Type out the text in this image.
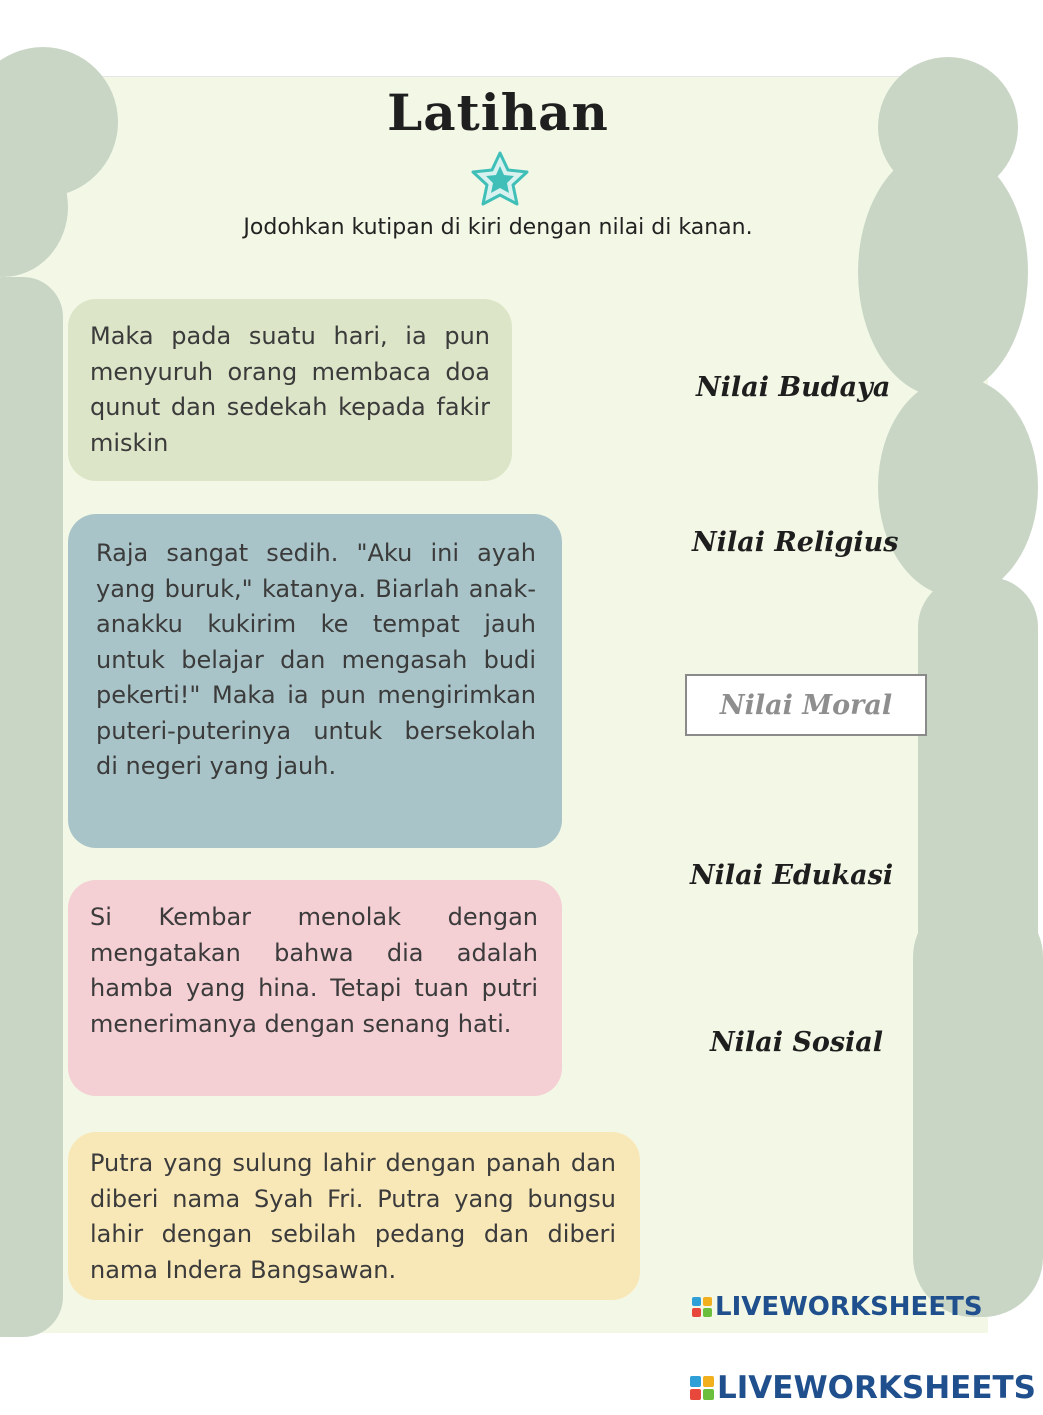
Latihan
Jodohkan kutipan di kiri dengan nilai di kanan.

Maka pada suatu hari, ia pun menyuruh orang membaca doa qunut dan sedekah kepada fakir miskin

Raja sangat sedih. "Aku ini ayah yang buruk," katanya. Biarlah anak-anakku kukirim ke tempat jauh untuk belajar dan mengasah budi pekerti!" Maka ia pun mengirimkan puteri-puterinya untuk bersekolah di negeri yang jauh.

Si Kembar menolak dengan mengatakan bahwa dia adalah hamba yang hina. Tetapi tuan putri menerimanya dengan senang hati.

Putra yang sulung lahir dengan panah dan diberi nama Syah Fri. Putra yang bungsu lahir dengan sebilah pedang dan diberi nama Indera Bangsawan.

Nilai Budaya
Nilai Religius
Nilai Moral
Nilai Edukasi
Nilai Sosial
LIVEWORKSHEETS
LIVEWORKSHEETS
